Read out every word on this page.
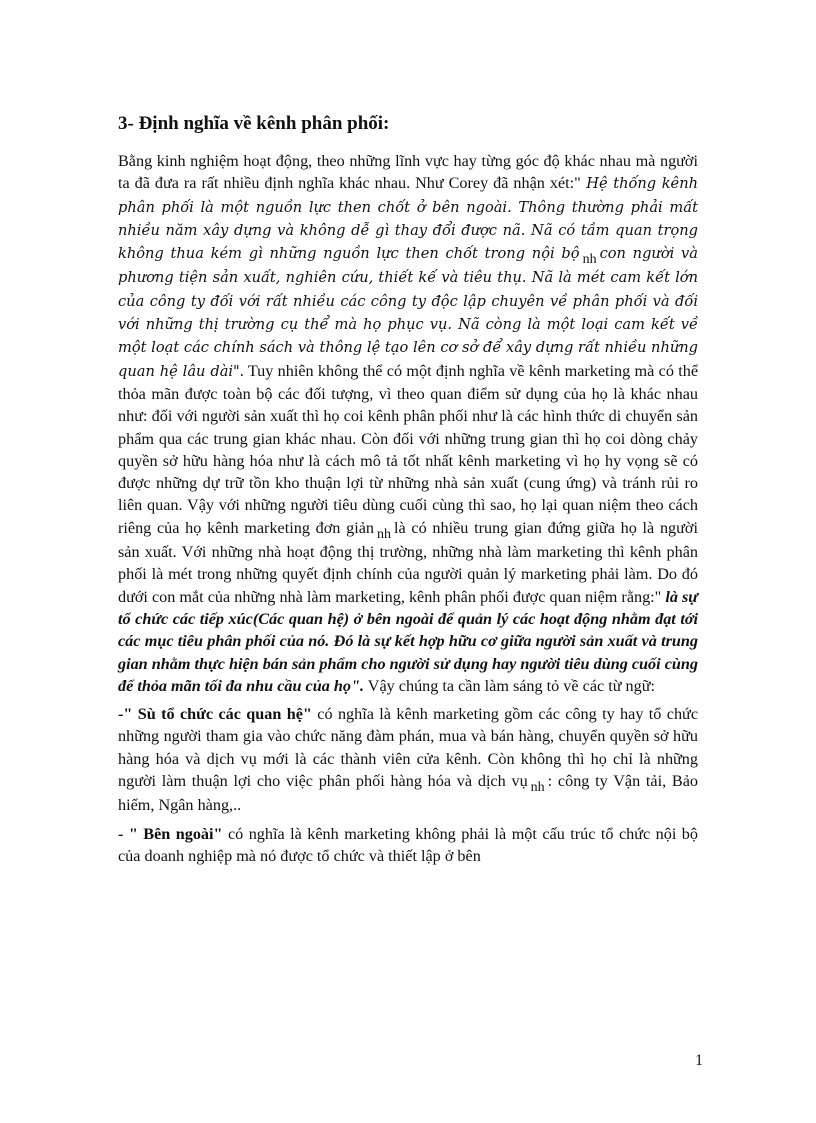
3- Định nghĩa về kênh phân phối:

Bằng kinh nghiệm hoạt động, theo những lĩnh vực hay từng góc độ khác nhau mà người ta đã đưa ra rất nhiều định nghĩa khác nhau. Như Corey đã nhận xét:" Hệ thống kênh phân phối là một nguồn lực then chốt ở bên ngoài. Thông thường phải mất nhiều năm xây dựng và không dễ gì thay đổi được nã. Nã có tầm quan trọng không thua kém gì những nguồn lực then chốt trong nội bộ nh con người và phương tiện sản xuất, nghiên cứu, thiết kế và tiêu thụ. Nã là mét cam kết lớn của công ty đối với rất nhiều các công ty độc lập chuyên về phân phối và đối với những thị trường cụ thể mà họ phục vụ. Nã còng là một loại cam kết về một loạt các chính sách và thông lệ tạo lên cơ sở để xây dựng rất nhiều những quan hệ lâu dài". Tuy nhiên không thể có một định nghĩa về kênh marketing mà có thể thỏa mãn được toàn bộ các đối tượng, vì theo quan điểm sử dụng của họ là khác nhau như: đối với người sản xuất thì họ coi kênh phân phối như là các hình thức di chuyển sản phẩm qua các trung gian khác nhau. Còn đối với những trung gian thì họ coi dòng chảy quyền sở hữu hàng hóa như là cách mô tả tốt nhất kênh marketing vì họ hy vọng sẽ có được những dự trữ tồn kho thuận lợi từ những nhà sản xuất (cung ứng) và tránh rủi ro liên quan. Vậy với những người tiêu dùng cuối cùng thì sao, họ lại quan niệm theo cách riêng của họ kênh marketing đơn giản nh là có nhiều trung gian đứng giữa họ là người sản xuất. Với những nhà hoạt động thị trường, những nhà làm marketing thì kênh phân phối là mét trong những quyết định chính của người quản lý marketing phải làm. Do đó dưới con mắt của những nhà làm marketing, kênh phân phối được quan niệm rằng:" là sự tổ chức các tiếp xúc(Các quan hệ) ở bên ngoài để quản lý các hoạt động nhằm đạt tới các mục tiêu phân phối của nó. Đó là sự kết hợp hữu cơ giữa người sản xuất và trung gian nhằm thực hiện bán sản phẩm cho người sử dụng hay người tiêu dùng cuối cùng để thỏa mãn tối đa nhu cầu của họ". Vậy chúng ta cần làm sáng tỏ về các từ ngữ:

-" Sù tổ chức các quan hệ" có nghĩa là kênh marketing gồm các công ty hay tổ chức những người tham gia vào chức năng đàm phán, mua và bán hàng, chuyển quyền sở hữu hàng hóa và dịch vụ mới là các thành viên cửa kênh. Còn không thì họ chỉ là những người làm thuận lợi cho việc phân phối hàng hóa và dịch vụ nh : công ty Vận tải, Bảo hiểm, Ngân hàng,..

- " Bên ngoài" có nghĩa là kênh marketing không phải là một cấu trúc tổ chức nội bộ của doanh nghiệp mà nó được tổ chức và thiết lập ở bên

1
